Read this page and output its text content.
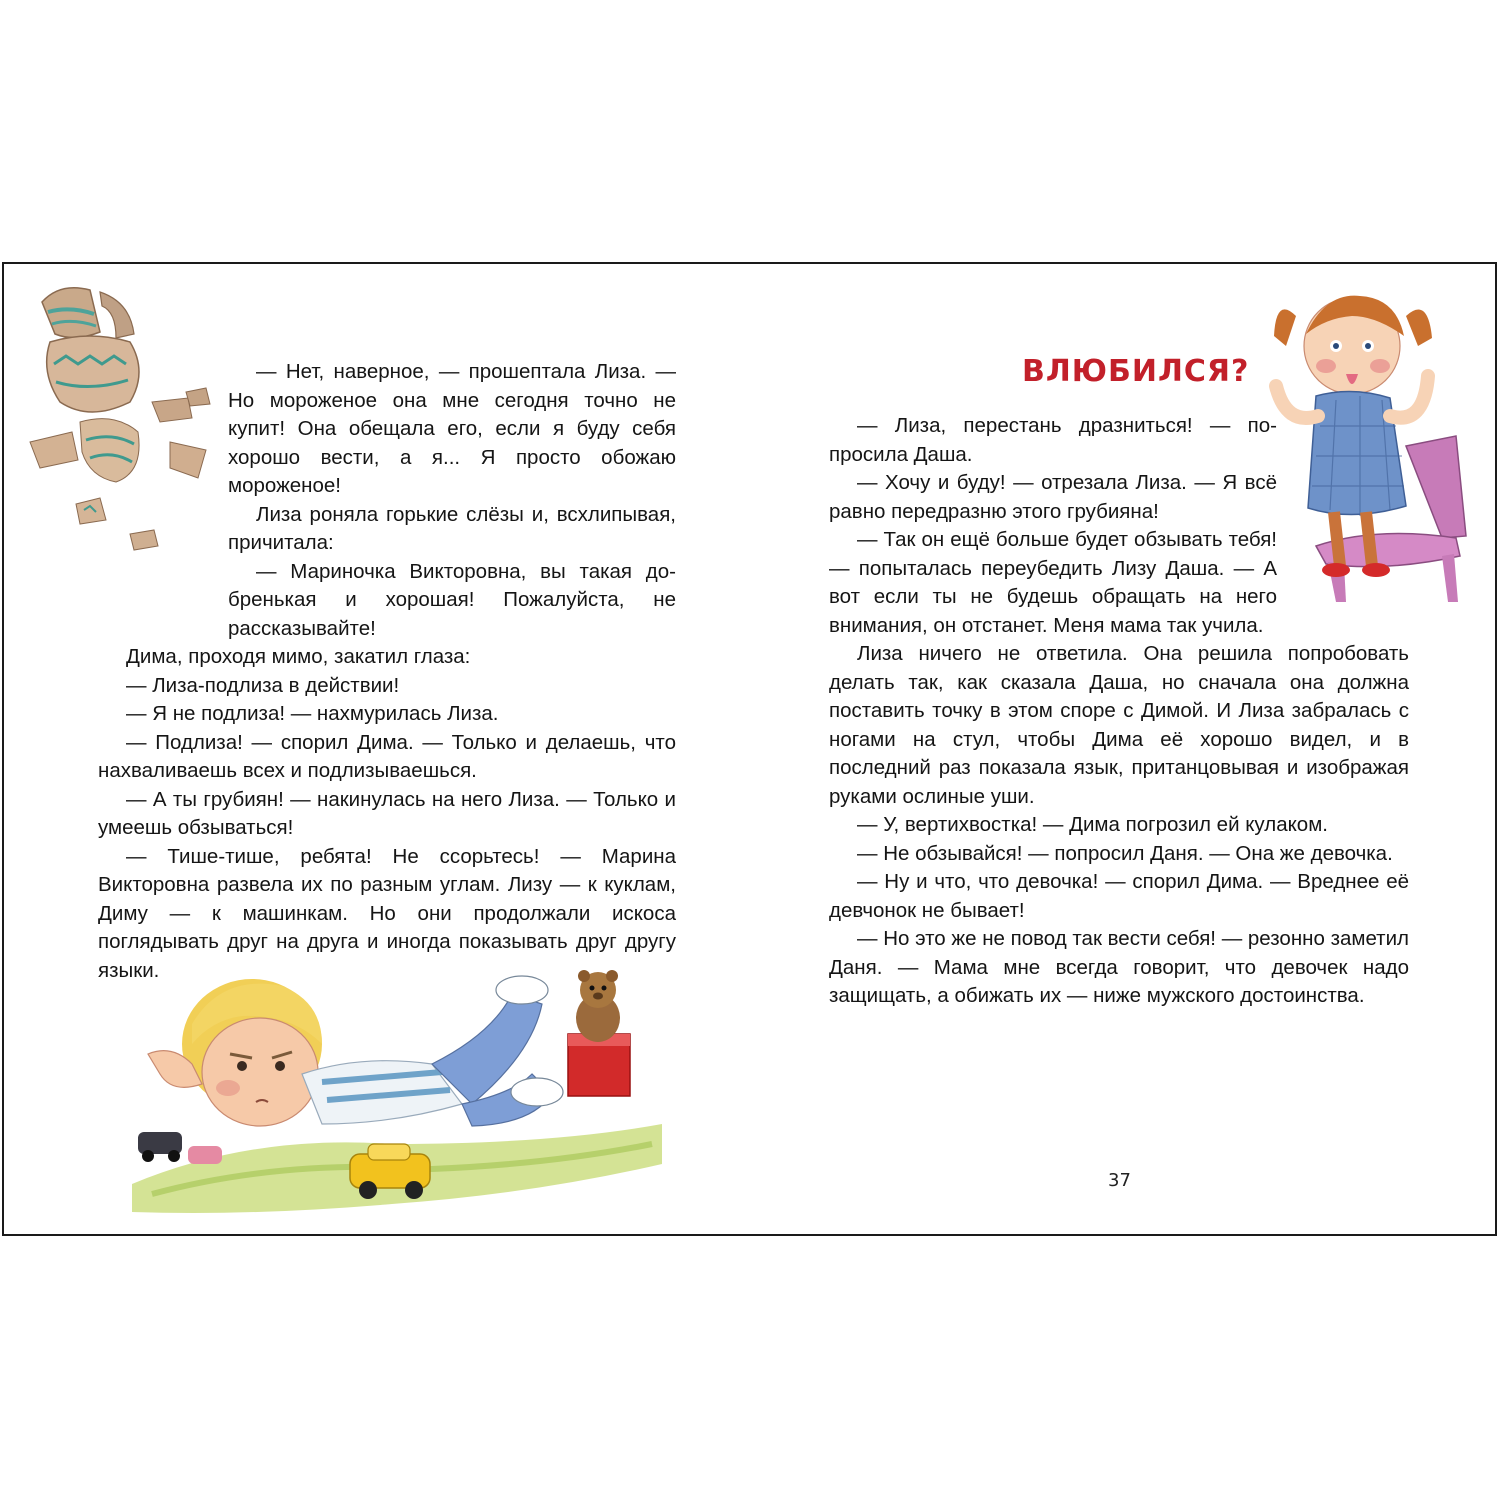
— Нет, наверное, — прошептала Лиза. — Но мороженое она мне сегодня точно не купит! Она обещала его, если я буду себя хорошо вести, а я... Я просто обожаю мороженое!

Лиза роняла горькие слёзы и, всхлипывая, причитала:

— Мариночка Викторовна, вы такая добренькая и хорошая! Пожалуйста, не рассказывайте!

Дима, проходя мимо, закатил глаза:

— Лиза-подлиза в действии!

— Я не подлиза! — нахмурилась Лиза.

— Подлиза! — спорил Дима. — Только и делаешь, что нахваливаешь всех и подлизываешься.

— А ты грубиян! — накинулась на него Лиза. — Только и умеешь обзываться!

— Тише-тише, ребята! Не ссорьтесь! — Марина Викторовна развела их по разным углам. Лизу — к куклам, Диму — к машинкам. Но они продолжали искоса поглядывать друг на друга и иногда показывать друг другу языки.

ВЛЮБИЛСЯ?

— Лиза, перестань дразниться! — попросила Даша.

— Хочу и буду! — отрезала Лиза. — Я всё равно передразню этого грубияна!

— Так он ещё больше будет обзывать тебя! — попыталась переубедить Лизу Даша. — А вот если ты не будешь обращать на него внимания, он отстанет. Меня мама так учила.

Лиза ничего не ответила. Она решила попробовать делать так, как сказала Даша, но сначала она должна поставить точку в этом споре с Димой. И Лиза забралась с ногами на стул, чтобы Дима её хорошо видел, и в последний раз показала язык, пританцовывая и изображая руками ослиные уши.

— У, вертихвостка! — Дима погрозил ей кулаком.

— Не обзывайся! — попросил Даня. — Она же девочка.

— Ну и что, что девочка! — спорил Дима. — Вреднее её девчонок не бывает!

— Но это же не повод так вести себя! — резонно заметил Даня. — Мама мне всегда говорит, что девочек надо защищать, а обижать их — ниже мужского достоинства.

37
